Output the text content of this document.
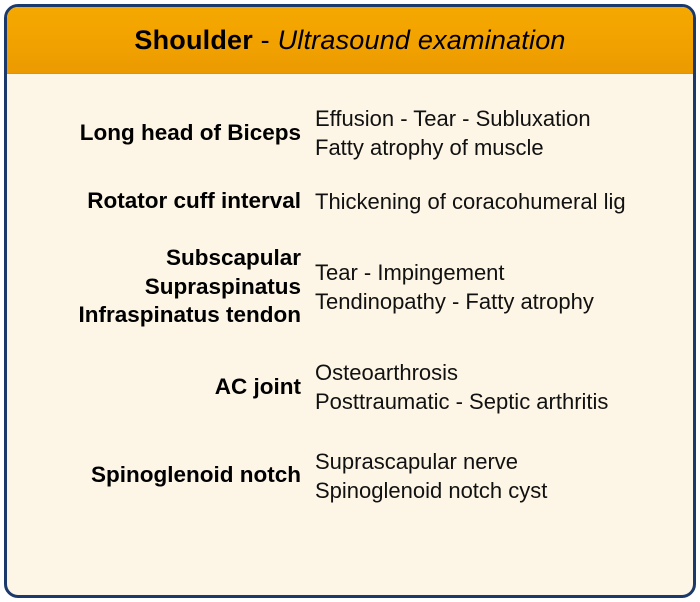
Shoulder - Ultrasound examination
Long head of Biceps
Effusion - Tear - Subluxation
Fatty atrophy of muscle
Rotator cuff interval Thickening of coracohumeral lig
Subscapular
Supraspinatus
Infraspinatus tendon
Tear - Impingement
Tendinopathy - Fatty atrophy
AC joint
Osteoarthrosis
Posttraumatic - Septic arthritis
Spinoglenoid notch
Suprascapular nerve
Spinoglenoid notch cyst
